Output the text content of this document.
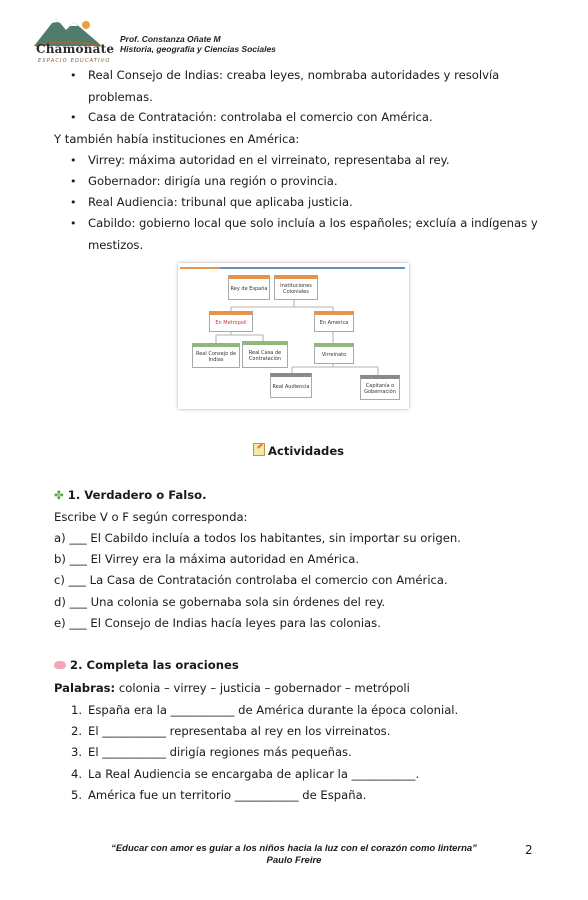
Chamonate
ESPACIO EDUCATIVO
Prof. Constanza Oñate M
Historia, geografía y Ciencias Sociales
• Real Consejo de Indias: creaba leyes, nombraba autoridades y resolvía
problemas.
• Casa de Contratación: controlaba el comercio con América.
Y también había instituciones en América:
• Virrey: máxima autoridad en el virreinato, representaba al rey.
• Gobernador: dirigía una región o provincia.
• Real Audiencia: tribunal que aplicaba justicia.
• Cabildo: gobierno local que solo incluía a los españoles; excluía a indígenas y
mestizos.
Rey de España	Instituciones Coloniales
En Metrópoli	En América
Real Consejo de Indias
Real Casa de Contratación
Virreinato
Real Audiencia	Capitanía o Gobernación
Actividades
✤ 1. Verdadero o Falso.
Escribe V o F según corresponda:
a) ___ El Cabildo incluía a todos los habitantes, sin importar su origen.
b) ___ El Virrey era la máxima autoridad en América.
c) ___ La Casa de Contratación controlaba el comercio con América.
d) ___ Una colonia se gobernaba sola sin órdenes del rey.
e) ___ El Consejo de Indias hacía leyes para las colonias.
2. Completa las oraciones
Palabras: colonia – virrey – justicia – gobernador – metrópoli
1. España era la ___________ de América durante la época colonial.
2. El ___________ representaba al rey en los virreinatos.
3. El ___________ dirigía regiones más pequeñas.
4. La Real Audiencia se encargaba de aplicar la ___________.
5. América fue un territorio ___________ de España.
“Educar con amor es guiar a los niños hacia la luz con el corazón como linterna”
Paulo Freire
2
